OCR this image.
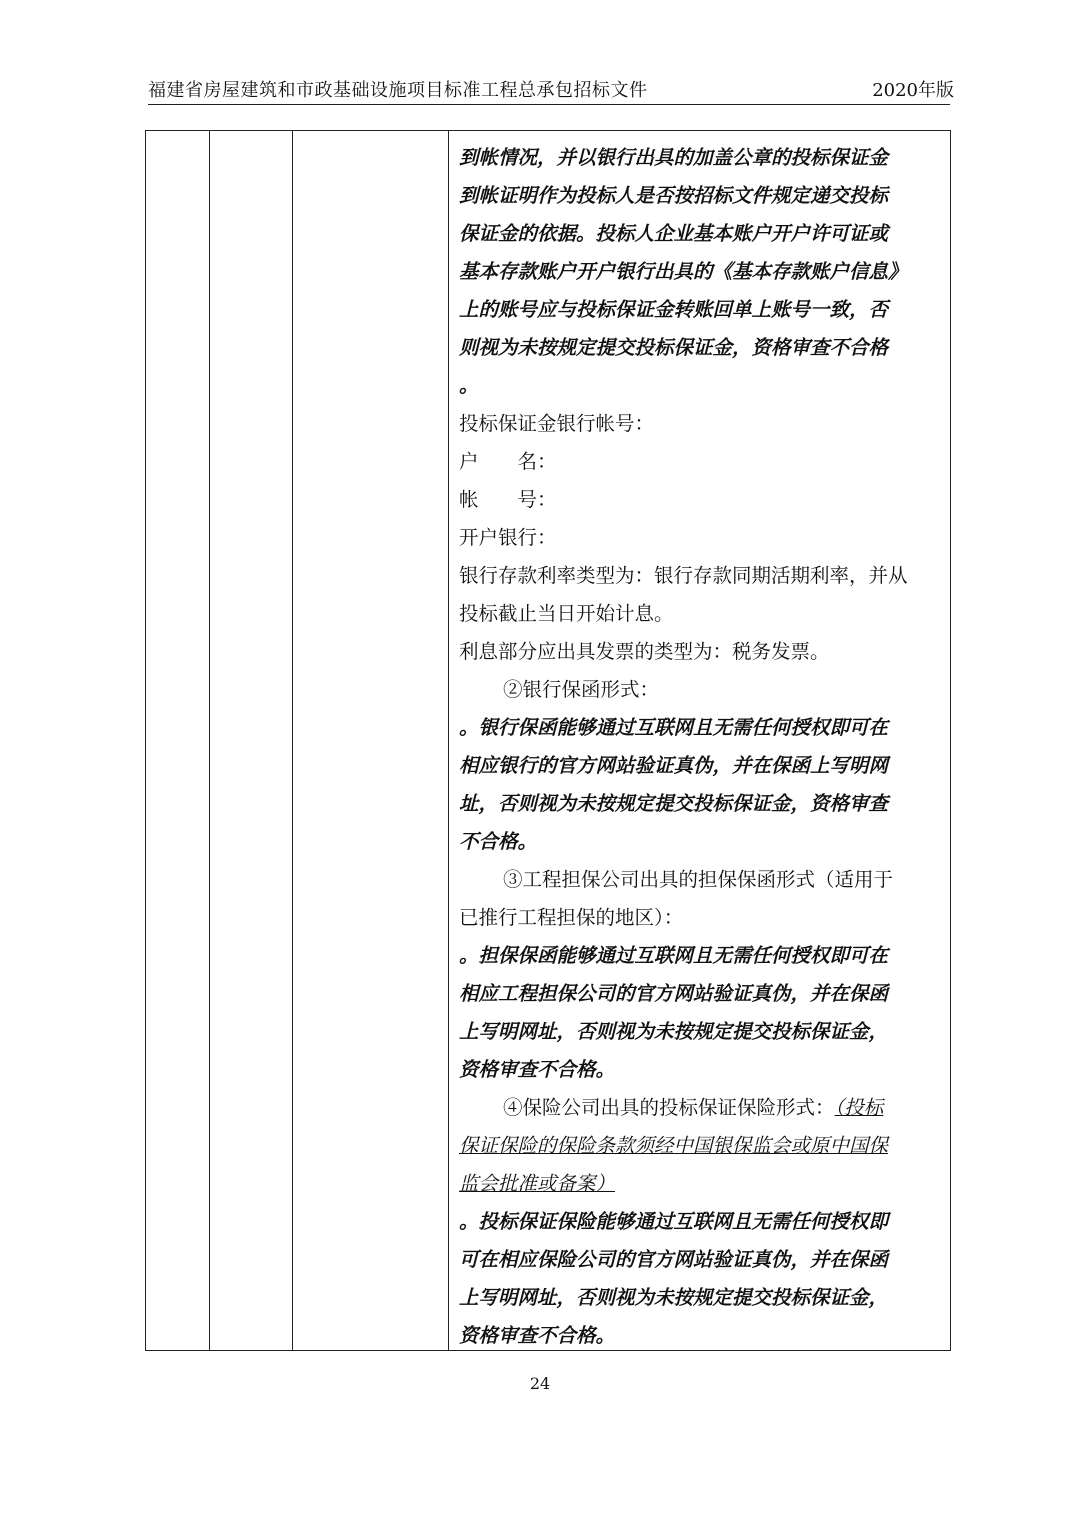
福建省房屋建筑和市政基础设施项目标准工程总承包招标文件	2020年版
到帐情况，并以银行出具的加盖公章的投标保证金
到帐证明作为投标人是否按招标文件规定递交投标
保证金的依据。投标人企业基本账户开户许可证或
基本存款账户开户银行出具的《基本存款账户信息》
上的账号应与投标保证金转账回单上账号一致，否
则视为未按规定提交投标保证金，资格审查不合格
。
投标保证金银行帐号：
户　　名：
帐　　号：
开户银行：
银行存款利率类型为：银行存款同期活期利率，并从
投标截止当日开始计息。
利息部分应出具发票的类型为：税务发票。
②银行保函形式：
。银行保函能够通过互联网且无需任何授权即可在
相应银行的官方网站验证真伪，并在保函上写明网
址，否则视为未按规定提交投标保证金，资格审查
不合格。
③工程担保公司出具的担保保函形式（适用于
已推行工程担保的地区）：
。担保保函能够通过互联网且无需任何授权即可在
相应工程担保公司的官方网站验证真伪，并在保函
上写明网址，否则视为未按规定提交投标保证金，
资格审查不合格。
④保险公司出具的投标保证保险形式：（投标
保证保险的保险条款须经中国银保监会或原中国保
监会批准或备案）
。投标保证保险能够通过互联网且无需任何授权即
可在相应保险公司的官方网站验证真伪，并在保函
上写明网址，否则视为未按规定提交投标保证金，
资格审查不合格。
24
